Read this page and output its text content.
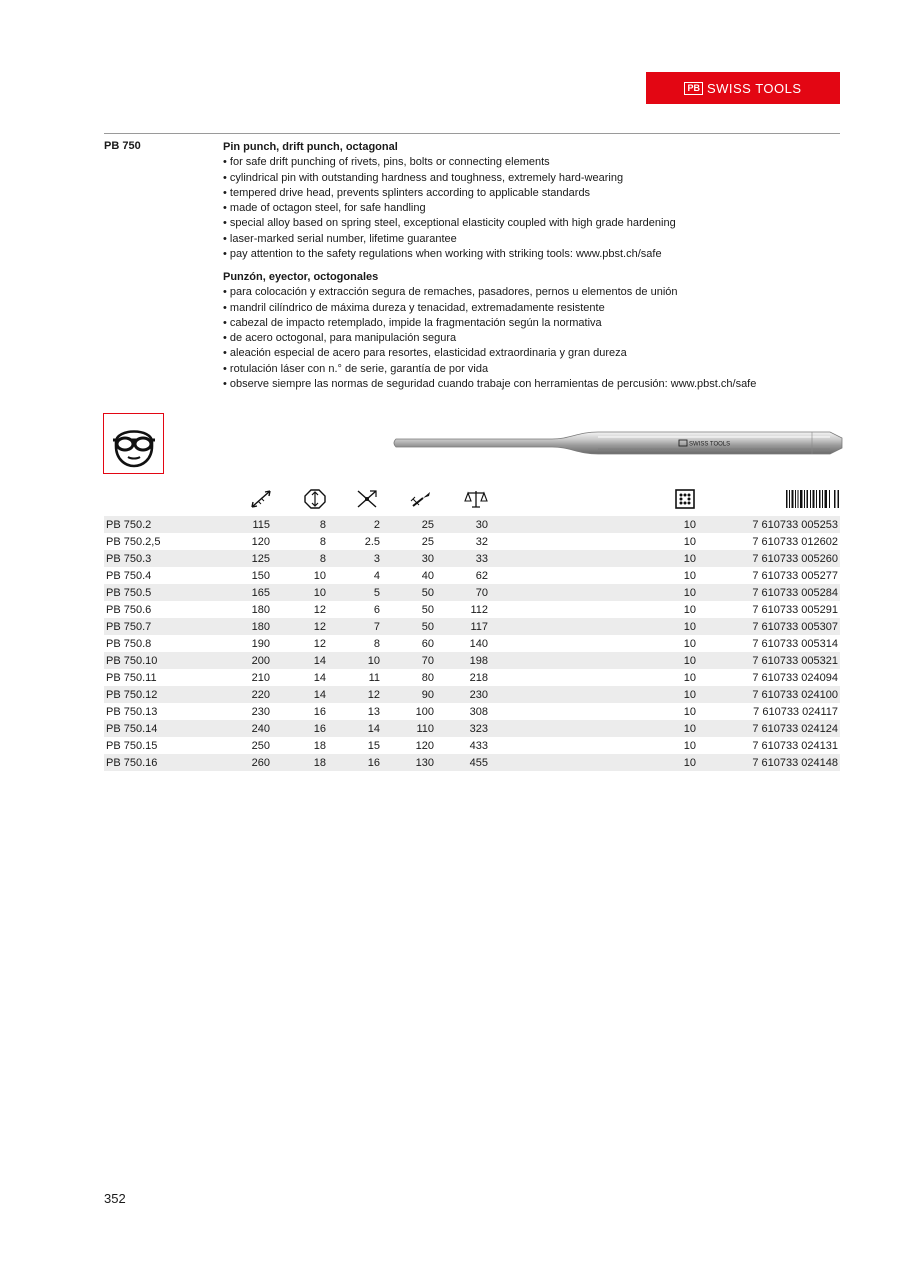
PB SWISS TOOLS
PB 750	Pin punch, drift punch, octagonal
• for safe drift punching of rivets, pins, bolts or connecting elements
• cylindrical pin with outstanding hardness and toughness, extremely hard-wearing
• tempered drive head, prevents splinters according to applicable standards
• made of octagon steel, for safe handling
• special alloy based on spring steel, exceptional elasticity coupled with high grade hardening
• laser-marked serial number, lifetime guarantee
• pay attention to the safety regulations when working with striking tools: www.pbst.ch/safe
Punzón, eyector, octogonales
• para colocación y extracción segura de remaches, pasadores, pernos u elementos de unión
• mandril cilíndrico de máxima dureza y tenacidad, extremadamente resistente
• cabezal de impacto retemplado, impide la fragmentación según la normativa
• de acero octogonal, para manipulación segura
• aleación especial de acero para resortes, elasticidad extraordinaria y gran dureza
• rotulación láser con n.° de serie, garantía de por vida
• observe siempre las normas de seguridad cuando trabaje con herramientas de percusión: www.pbst.ch/safe
SWISS TOOLS
PB 750.2	115	8	2	25	30	10	7 610733 005253
PB 750.2,5	120	8	2.5	25	32	10	7 610733 012602
PB 750.3	125	8	3	30	33	10	7 610733 005260
PB 750.4	150	10	4	40	62	10	7 610733 005277
PB 750.5	165	10	5	50	70	10	7 610733 005284
PB 750.6	180	12	6	50	112	10	7 610733 005291
PB 750.7	180	12	7	50	117	10	7 610733 005307
PB 750.8	190	12	8	60	140	10	7 610733 005314
PB 750.10	200	14	10	70	198	10	7 610733 005321
PB 750.11	210	14	11	80	218	10	7 610733 024094
PB 750.12	220	14	12	90	230	10	7 610733 024100
PB 750.13	230	16	13	100	308	10	7 610733 024117
PB 750.14	240	16	14	110	323	10	7 610733 024124
PB 750.15	250	18	15	120	433	10	7 610733 024131
PB 750.16	260	18	16	130	455	10	7 610733 024148
352
